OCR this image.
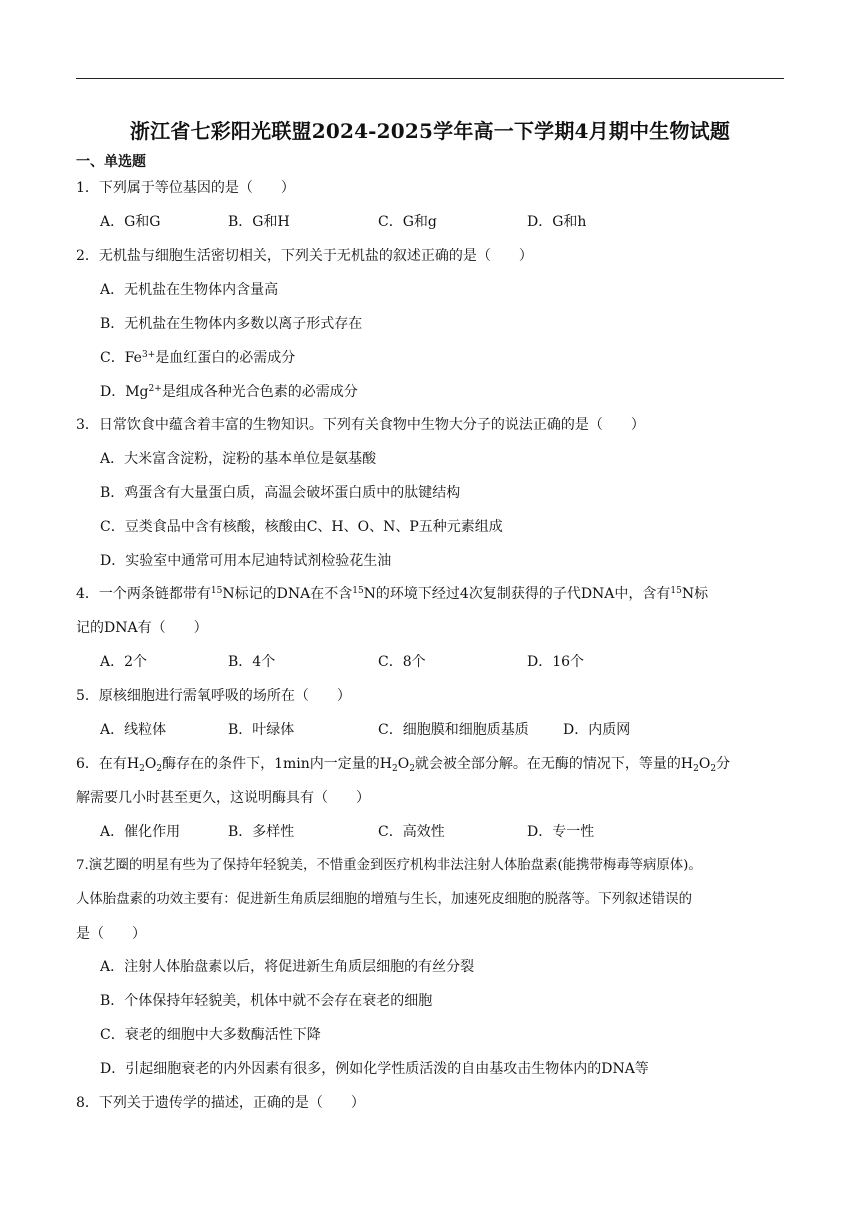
浙江省七彩阳光联盟2024-2025学年高一下学期4月期中生物试题
一、单选题
1．下列属于等位基因的是（　　）
A．G和G	B．G和H	C．G和g	D．G和h
2．无机盐与细胞生活密切相关，下列关于无机盐的叙述正确的是（　　）
A．无机盐在生物体内含量高
B．无机盐在生物体内多数以离子形式存在
C．$Fe^{3+}$是血红蛋白的必需成分
D．$Mg^{2+}$是组成各种光合色素的必需成分
3．日常饮食中蕴含着丰富的生物知识。下列有关食物中生物大分子的说法正确的是（　　）
A．大米富含淀粉，淀粉的基本单位是氨基酸
B．鸡蛋含有大量蛋白质，高温会破坏蛋白质中的肽键结构
C．豆类食品中含有核酸，核酸由C、H、O、N、P五种元素组成
D．实验室中通常可用本尼迪特试剂检验花生油
4．一个两条链都带有$^{15}$N标记的DNA在不含$^{15}$N的环境下经过4次复制获得的子代DNA中，含有$^{15}$N标
记的DNA有（　　）
A．2个	B．4个	C．8个	D．16个
5．原核细胞进行需氧呼吸的场所在（　　）
A．线粒体	B．叶绿体	C．细胞膜和细胞质基质 D．内质网
6．在有$H_2O_2$酶存在的条件下，1min内一定量的$H_2O_2$就会被全部分解。在无酶的情况下，等量的$H_2O_2$分
解需要几小时甚至更久，这说明酶具有（　　）
A．催化作用	B．多样性	C．高效性	D．专一性
7.演艺圈的明星有些为了保持年轻貌美，不惜重金到医疗机构非法注射人体胎盘素(能携带梅毒等病原体)。
人体胎盘素的功效主要有：促进新生角质层细胞的增殖与生长，加速死皮细胞的脱落等。下列叙述错误的
是（　　）
A．注射人体胎盘素以后，将促进新生角质层细胞的有丝分裂
B．个体保持年轻貌美，机体中就不会存在衰老的细胞
C．衰老的细胞中大多数酶活性下降
D．引起细胞衰老的内外因素有很多，例如化学性质活泼的自由基攻击生物体内的DNA等
8．下列关于遗传学的描述，正确的是（　　）
